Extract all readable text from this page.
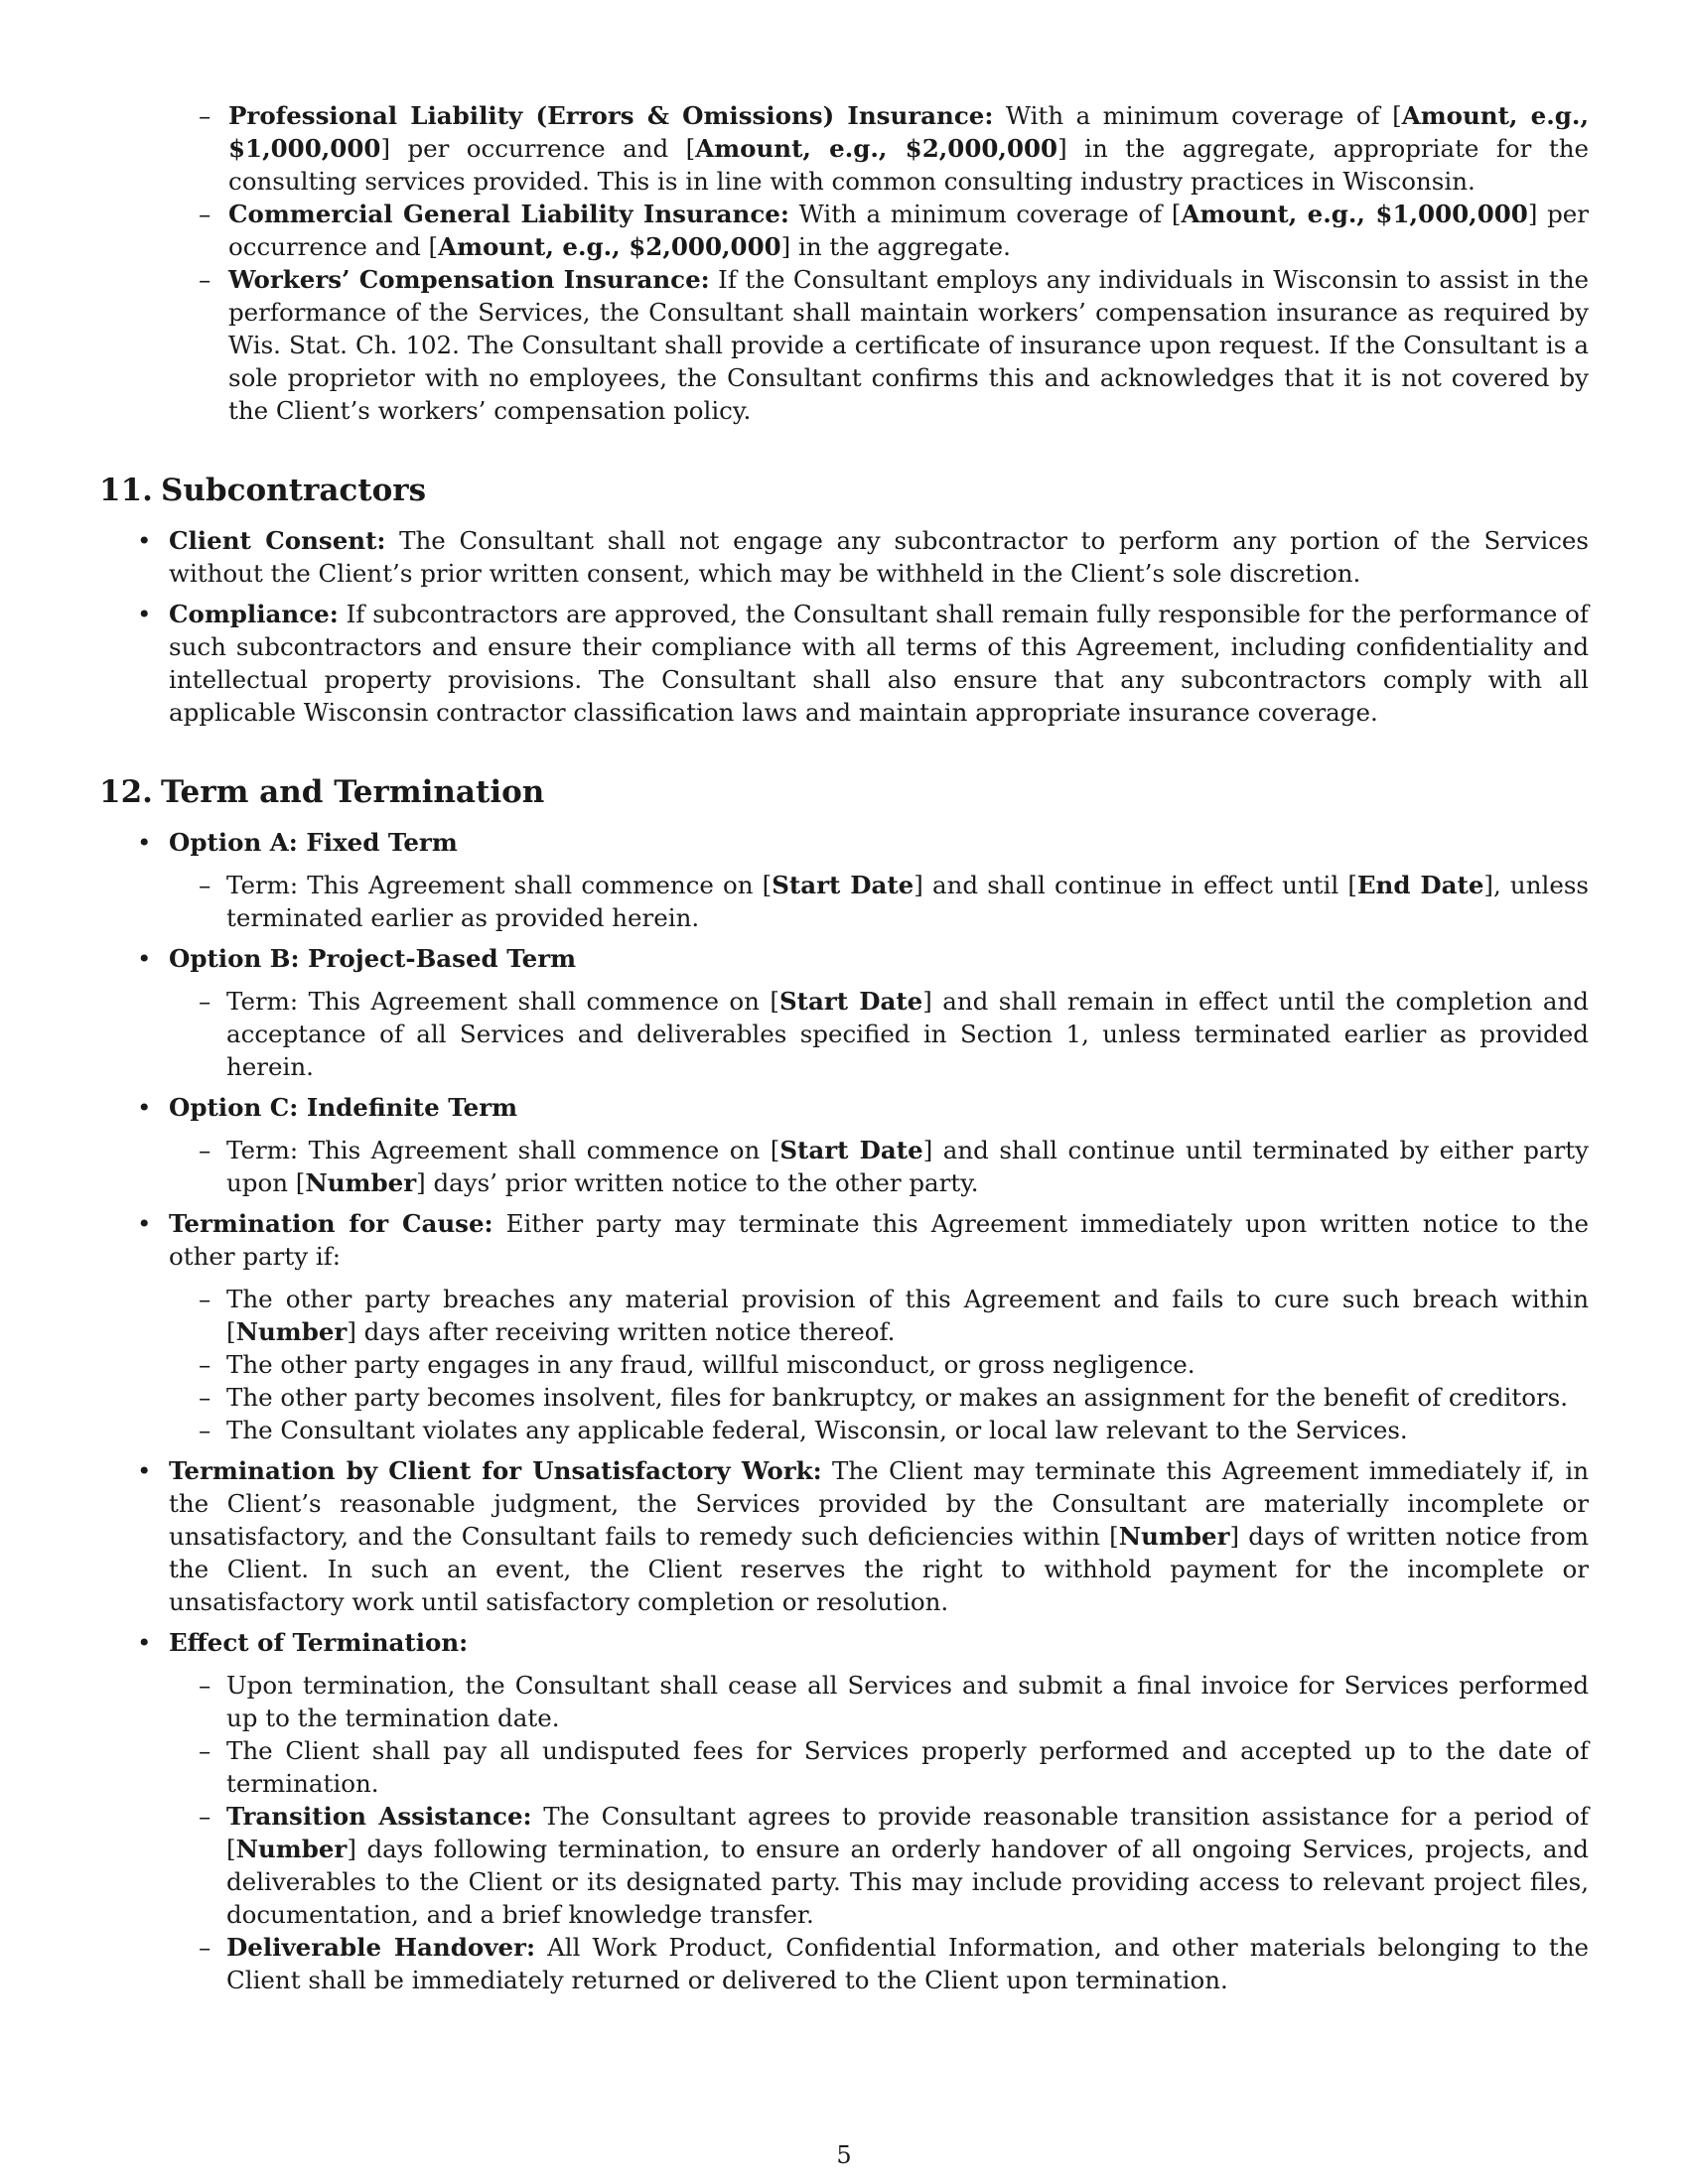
– Professional Liability (Errors & Omissions) Insurance: With a minimum coverage of [Amount, e.g., $1,000,000] per occurrence and [Amount, e.g., $2,000,000] in the aggregate, appropriate for the consulting services provided. This is in line with common consulting industry practices in Wisconsin.
– Commercial General Liability Insurance: With a minimum coverage of [Amount, e.g., $1,000,000] per occurrence and [Amount, e.g., $2,000,000] in the aggregate.
– Workers’ Compensation Insurance: If the Consultant employs any individuals in Wisconsin to assist in the performance of the Services, the Consultant shall maintain workers’ compensation insurance as required by Wis. Stat. Ch. 102. The Consultant shall provide a certificate of insurance upon request. If the Consultant is a sole proprietor with no employees, the Consultant confirms this and acknowledges that it is not covered by the Client’s workers’ compensation policy.
11. Subcontractors

• Client Consent: The Consultant shall not engage any subcontractor to perform any portion of the Services without the Client’s prior written consent, which may be withheld in the Client’s sole discretion.

• Compliance: If subcontractors are approved, the Consultant shall remain fully responsible for the performance of such subcontractors and ensure their compliance with all terms of this Agreement, including confidentiality and intellectual property provisions. The Consultant shall also ensure that any subcontractors comply with all applicable Wisconsin contractor classification laws and maintain appropriate insurance coverage.

12. Term and Termination

• Option A: Fixed Term

– Term: This Agreement shall commence on [Start Date] and shall continue in effect until [End Date], unless terminated earlier as provided herein.

• Option B: Project-Based Term

– Term: This Agreement shall commence on [Start Date] and shall remain in effect until the completion and acceptance of all Services and deliverables specified in Section 1, unless terminated earlier as provided herein.

• Option C: Indefinite Term

– Term: This Agreement shall commence on [Start Date] and shall continue until terminated by either party upon [Number] days’ prior written notice to the other party.

• Termination for Cause: Either party may terminate this Agreement immediately upon written notice to the other party if:

– The other party breaches any material provision of this Agreement and fails to cure such breach within [Number] days after receiving written notice thereof.
– The other party engages in any fraud, willful misconduct, or gross negligence.
– The other party becomes insolvent, files for bankruptcy, or makes an assignment for the benefit of creditors.
– The Consultant violates any applicable federal, Wisconsin, or local law relevant to the Services.

• Termination by Client for Unsatisfactory Work: The Client may terminate this Agreement immediately if, in the Client’s reasonable judgment, the Services provided by the Consultant are materially incomplete or unsatisfactory, and the Consultant fails to remedy such deficiencies within [Number] days of written notice from the Client. In such an event, the Client reserves the right to withhold payment for the incomplete or unsatisfactory work until satisfactory completion or resolution.

• Effect of Termination:

– Upon termination, the Consultant shall cease all Services and submit a final invoice for Services performed up to the termination date.
– The Client shall pay all undisputed fees for Services properly performed and accepted up to the date of termination.
– Transition Assistance: The Consultant agrees to provide reasonable transition assistance for a period of [Number] days following termination, to ensure an orderly handover of all ongoing Services, projects, and deliverables to the Client or its designated party. This may include providing access to relevant project files, documentation, and a brief knowledge transfer.
– Deliverable Handover: All Work Product, Confidential Information, and other materials belonging to the Client shall be immediately returned or delivered to the Client upon termination.
5
